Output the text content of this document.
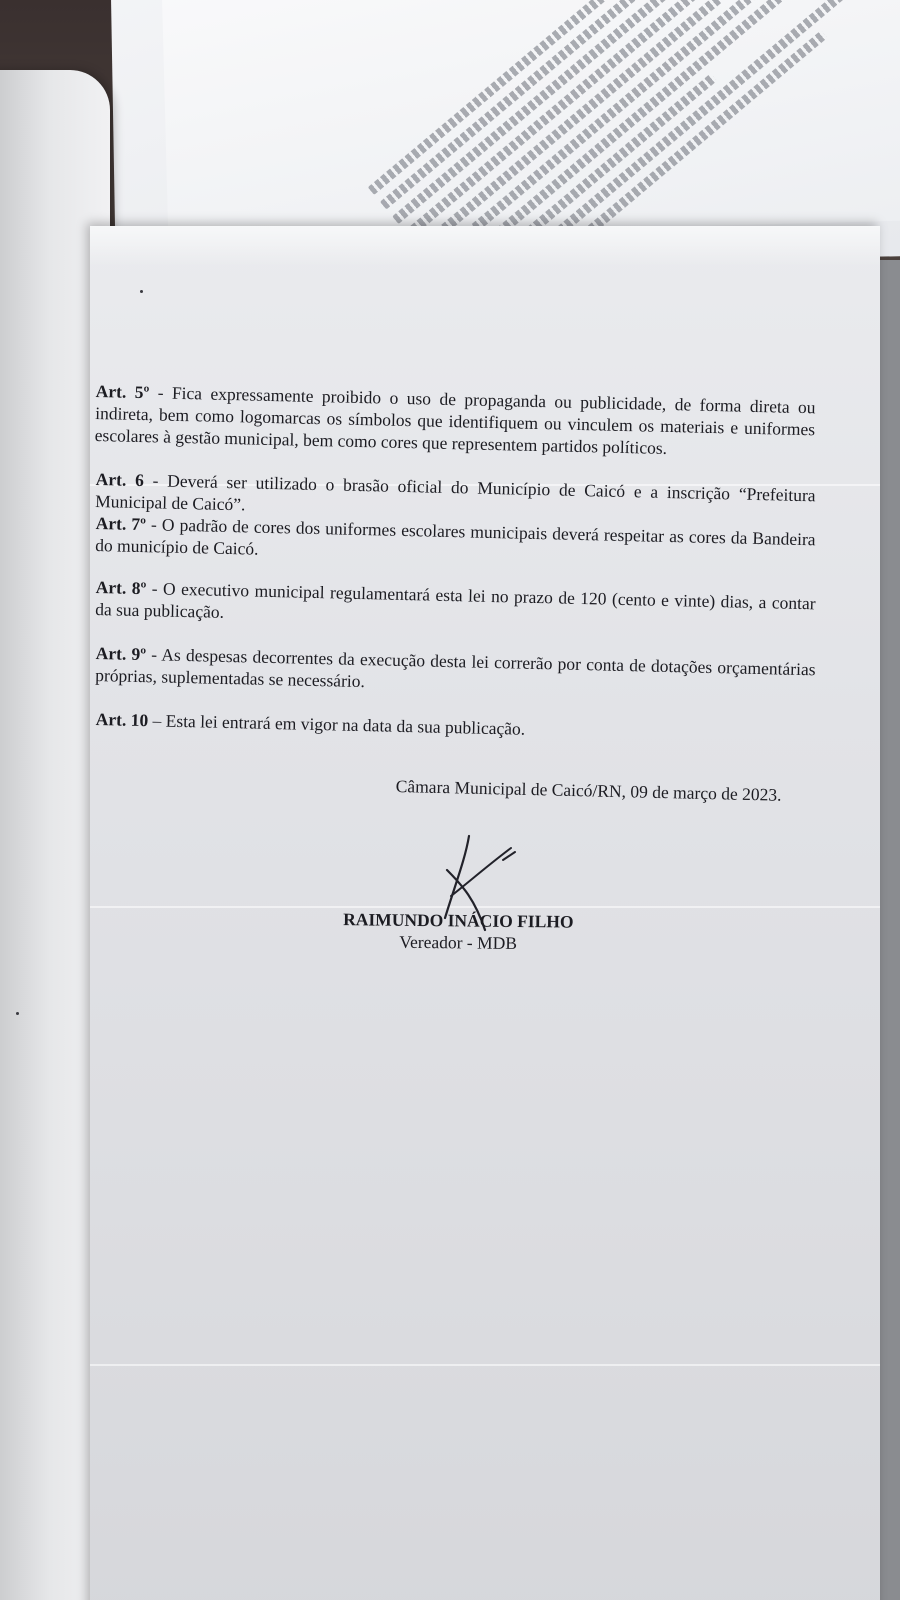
Art. 5º - Fica expressamente proibido o uso de propaganda ou publicidade, de forma direta ou indireta, bem como logomarcas os símbolos que identifiquem ou vinculem os materiais e uniformes escolares à gestão municipal, bem como cores que representem partidos políticos.

Art. 6 - Deverá ser utilizado o brasão oficial do Município de Caicó e a inscrição “Prefeitura Municipal de Caicó”.

Art. 7º - O padrão de cores dos uniformes escolares municipais deverá respeitar as cores da Bandeira do município de Caicó.

Art. 8º - O executivo municipal regulamentará esta lei no prazo de 120 (cento e vinte) dias, a contar da sua publicação.

Art. 9º - As despesas decorrentes da execução desta lei correrão por conta de dotações orçamentárias próprias, suplementadas se necessário.

Art. 10 – Esta lei entrará em vigor na data da sua publicação.

Câmara Municipal de Caicó/RN, 09 de março de 2023.
RAIMUNDO INÁCIO FILHO
Vereador - MDB
